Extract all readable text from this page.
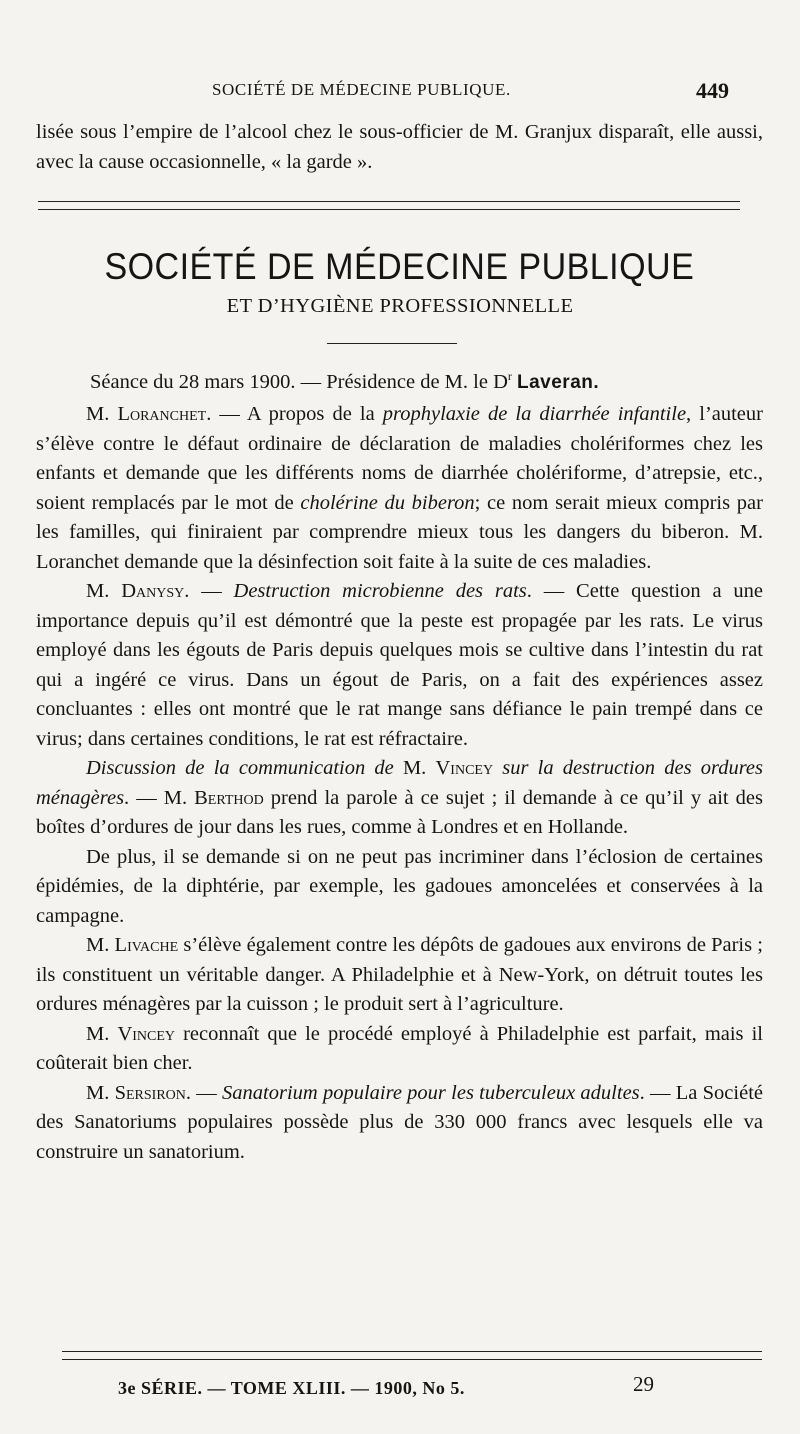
SOCIÉTÉ DE MÉDECINE PUBLIQUE.	449

lisée sous l’empire de l’alcool chez le sous-officier de M. Granjux disparaît, elle aussi, avec la cause occasionnelle, « la garde ».

SOCIÉTÉ DE MÉDECINE PUBLIQUE
ET D’HYGIÈNE PROFESSIONNELLE
Séance du 28 mars 1900. — Présidence de M. le $D^r$ Laveran.

M. Loranchet. — A propos de la prophylaxie de la diarrhée infantile, l’auteur s’élève contre le défaut ordinaire de déclaration de maladies cholériformes chez les enfants et demande que les différents noms de diarrhée cholériforme, d’atrepsie, etc., soient remplacés par le mot de cholérine du biberon; ce nom serait mieux compris par les familles, qui finiraient par comprendre mieux tous les dangers du biberon. M. Loranchet demande que la désinfection soit faite à la suite de ces maladies.

M. Danysy. — Destruction microbienne des rats. — Cette question a une importance depuis qu’il est démontré que la peste est propagée par les rats. Le virus employé dans les égouts de Paris depuis quelques mois se cultive dans l’intestin du rat qui a ingéré ce virus. Dans un égout de Paris, on a fait des expériences assez concluantes : elles ont montré que le rat mange sans défiance le pain trempé dans ce virus; dans certaines conditions, le rat est réfractaire.

Discussion de la communication de M. Vincey sur la destruction des ordures ménagères. — M. Berthod prend la parole à ce sujet ; il demande à ce qu’il y ait des boîtes d’ordures de jour dans les rues, comme à Londres et en Hollande.

De plus, il se demande si on ne peut pas incriminer dans l’éclosion de certaines épidémies, de la diphtérie, par exemple, les gadoues amoncelées et conservées à la campagne.

M. Livache s’élève également contre les dépôts de gadoues aux environs de Paris ; ils constituent un véritable danger. A Philadelphie et à New-York, on détruit toutes les ordures ménagères par la cuisson ; le produit sert à l’agriculture.

M. Vincey reconnaît que le procédé employé à Philadelphie est parfait, mais il coûterait bien cher.

M. Sersiron. — Sanatorium populaire pour les tuberculeux adultes. — La Société des Sanatoriums populaires possède plus de 330 000 francs avec lesquels elle va construire un sanatorium.

3e SÉRIE. — TOME XLIII. — 1900, No 5.	29
